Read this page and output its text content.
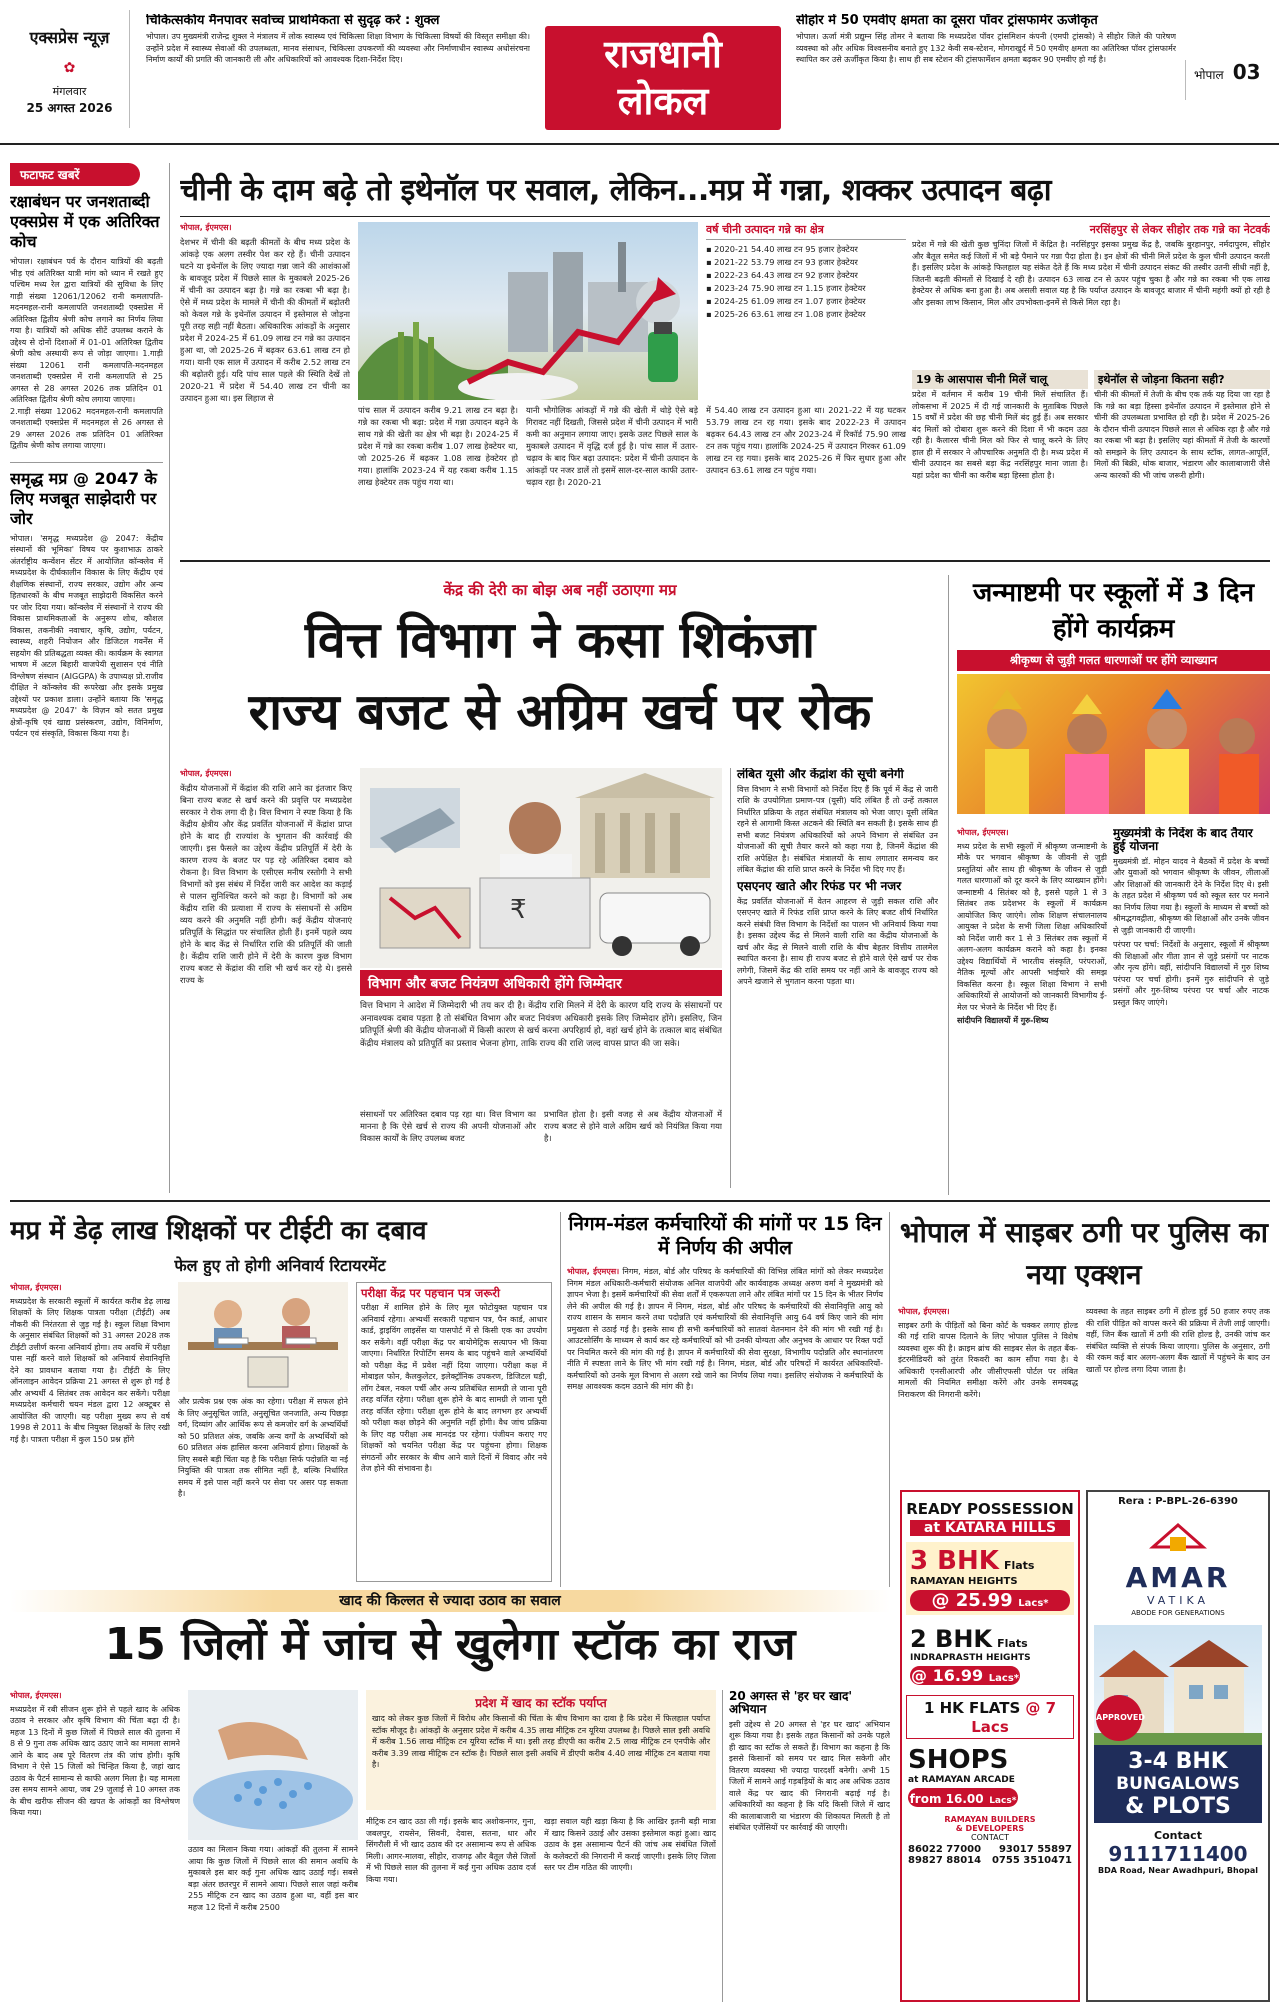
एक्सप्रेस न्यूज़
✿
मंगलवार
25 अगस्त 2026
चिकित्सकीय मैनपावर सर्वोच्च प्राथमिकता से सुदृढ़ करें : शुक्ल
भोपाल। उप मुख्यमंत्री राजेन्द्र शुक्ल ने मंत्रालय में लोक स्वास्थ्य एवं चिकित्सा शिक्षा विभाग के चिकित्सा विषयों की विस्तृत समीक्षा की। उन्होंने प्रदेश में स्वास्थ्य सेवाओं की उपलब्धता, मानव संसाधन, चिकित्सा उपकरणों की व्यवस्था और निर्माणाधीन स्वास्थ्य अधोसंरचना निर्माण कार्यों की प्रगति की जानकारी ली और अधिकारियों को आवश्यक दिशा-निर्देश दिए।	राजधानी
लोकल
सीहोर में 50 एमवीए क्षमता का दूसरा पॉवर ट्रांसफार्मर ऊर्जीकृत
भोपाल। ऊर्जा मंत्री प्रद्युम्न सिंह तोमर ने बताया कि मध्यप्रदेश पॉवर ट्रांसमिशन कंपनी (एमपी ट्रांसको) ने सीहोर जिले की पारेषण व्यवस्था को और अधिक विश्वसनीय बनाते हुए 132 केवी सब-स्टेशन, मोगराखुर्द में 50 एमवीए क्षमता का अतिरिक्त पॉवर ट्रांसफार्मर स्थापित कर उसे ऊर्जीकृत किया है। साथ ही सब स्टेशन की ट्रांसफार्मेशन क्षमता बढ़कर 90 एमवीए हो गई है।
भोपाल 03
फटाफट खबरें
रक्षाबंधन पर जनशताब्दी एक्सप्रेस में एक अतिरिक्त कोच
भोपाल। रक्षाबंधन पर्व के दौरान यात्रियों की बढ़ती भीड़ एवं अतिरिक्त यात्री मांग को ध्यान में रखते हुए पश्चिम मध्य रेल द्वारा यात्रियों की सुविधा के लिए गाड़ी संख्या 12061/12062 रानी कमलापति-मदनमहल-रानी कमलापति जनशताब्दी एक्सप्रेस में अतिरिक्त द्वितीय श्रेणी कोच लगाने का निर्णय लिया गया है। यात्रियों को अधिक सीटें उपलब्ध कराने के उद्देश्य से दोनों दिशाओं में 01-01 अतिरिक्त द्वितीय श्रेणी कोच अस्थायी रूप से जोड़ा जाएगा। 1.गाड़ी संख्या 12061 रानी कमलापति-मदनमहल जनशताब्दी एक्सप्रेस में रानी कमलापति से 25 अगस्त से 28 अगस्त 2026 तक प्रतिदिन 01 अतिरिक्त द्वितीय श्रेणी कोच लगाया जाएगा।
2.गाड़ी संख्या 12062 मदनमहल-रानी कमलापति जनशताब्दी एक्सप्रेस में मदनमहल से 26 अगस्त से 29 अगस्त 2026 तक प्रतिदिन 01 अतिरिक्त द्वितीय श्रेणी कोच लगाया जाएगा।
समृद्ध मप्र @ 2047 के लिए मजबूत साझेदारी पर जोर
भोपाल। 'समृद्ध मध्यप्रदेश @ 2047: केंद्रीय संस्थानों की भूमिका' विषय पर कुशाभाऊ ठाकरे अंतर्राष्ट्रीय कन्वेंशन सेंटर में आयोजित कॉन्क्लेव में मध्यप्रदेश के दीर्घकालीन विकास के लिए केंद्रीय एवं शैक्षणिक संस्थानों, राज्य सरकार, उद्योग और अन्य हितधारकों के बीच मजबूत साझेदारी विकसित करने पर जोर दिया गया। कॉन्क्लेव में संस्थानों ने राज्य की विकास प्राथमिकताओं के अनुरूप शोध, कौशल विकास, तकनीकी नवाचार, कृषि, उद्योग, पर्यटन, स्वास्थ्य, शहरी नियोजन और डिजिटल गवर्नेंस में सहयोग की प्रतिबद्धता व्यक्त की। कार्यक्रम के स्वागत भाषण में अटल बिहारी वाजपेयी सुशासन एवं नीति विश्लेषण संस्थान (AIGGPA) के उपाध्यक्ष प्रो.राजीव दीक्षित ने कॉन्क्लेव की रूपरेखा और इसके प्रमुख उद्देश्यों पर प्रकाश डाला। उन्होंने बताया कि 'समृद्ध मध्यप्रदेश @ 2047' के विज़न को सतत प्रमुख क्षेत्रों-कृषि एवं खाद्य प्रसंस्करण, उद्योग, विनिर्माण, पर्यटन एवं संस्कृति, विकास किया गया है।
चीनी के दाम बढ़े तो इथेनॉल पर सवाल, लेकिन...मप्र में गन्ना, शक्कर उत्पादन बढ़ा
भोपाल, ईएमएस।
देशभर में चीनी की बढ़ती कीमतों के बीच मध्य प्रदेश के आंकड़े एक अलग तस्वीर पेश कर रहे हैं। चीनी उत्पादन घटने या इथेनॉल के लिए ज्यादा गन्ना जाने की आशंकाओं के बावजूद प्रदेश में पिछले साल के मुकाबले 2025-26 में चीनी का उत्पादन बढ़ा है। गन्ने का रकबा भी बढ़ा है। ऐसे में मध्य प्रदेश के मामले में चीनी की कीमतों में बढ़ोतरी को केवल गन्ने के इथेनॉल उत्पादन में इस्तेमाल से जोड़ना पूरी तरह सही नहीं बैठता। अधिकारिक आंकड़ों के अनुसार प्रदेश में 2024-25 में 61.09 लाख टन गन्ने का उत्पादन हुआ था, जो 2025-26 में बढ़कर 63.61 लाख टन हो गया। यानी एक साल में उत्पादन में करीब 2.52 लाख टन की बढ़ोतरी हुई। यदि पांच साल पहले की स्थिति देखें तो 2020-21 में प्रदेश में 54.40 लाख टन चीनी का उत्पादन हुआ था। इस लिहाज से
पांच साल में उत्पादन करीब 9.21 लाख टन बढ़ा है। गन्ने का रकबा भी बढ़ा: प्रदेश में गन्ना उत्पादन बढ़ने के साथ गन्ने की खेती का क्षेत्र भी बढ़ा है। 2024-25 में प्रदेश में गन्ने का रकबा करीब 1.07 लाख हेक्टेयर था, जो 2025-26 में बढ़कर 1.08 लाख हेक्टेयर हो गया। हालांकि 2023-24 में यह रकबा करीब 1.15 लाख हेक्टेयर तक पहुंच गया था।
यानी भौगोलिक आंकड़ों में गन्ने की खेती में थोड़े ऐसे बड़े गिरावट नहीं दिखती, जिससे प्रदेश में चीनी उत्पादन में भारी कमी का अनुमान लगाया जाए। इसके उलट पिछले साल के मुकाबले उत्पादन में वृद्धि दर्ज हुई है। पांच साल में उतार-चढ़ाव के बाद फिर बढ़ा उत्पादन: प्रदेश में चीनी उत्पादन के आंकड़ों पर नजर डालें तो इसमें साल-दर-साल काफी उतार-चढ़ाव रहा है। 2020-21
वर्ष चीनी उत्पादन गन्ने का क्षेत्र
▪ 2020-21 54.40 लाख टन 95 हजार हेक्टेयर
▪ 2021-22 53.79 लाख टन 93 हजार हेक्टेयर
▪ 2022-23 64.43 लाख टन 92 हजार हेक्टेयर
▪ 2023-24 75.90 लाख टन 1.15 हजार हेक्टेयर
▪ 2024-25 61.09 लाख टन 1.07 हजार हेक्टेयर
▪ 2025-26 63.61 लाख टन 1.08 हजार हेक्टेयर
में 54.40 लाख टन उत्पादन हुआ था। 2021-22 में यह घटकर 53.79 लाख टन रह गया। इसके बाद 2022-23 में उत्पादन बढ़कर 64.43 लाख टन और 2023-24 में रिकॉर्ड 75.90 लाख टन तक पहुंच गया। हालांकि 2024-25 में उत्पादन गिरकर 61.09 लाख टन रह गया। इसके बाद 2025-26 में फिर सुधार हुआ और उत्पादन 63.61 लाख टन पहुंच गया।
नरसिंहपुर से लेकर सीहोर तक गन्ने का नेटवर्क
प्रदेश में गन्ने की खेती कुछ चुनिंदा जिलों में केंद्रित है। नरसिंहपुर इसका प्रमुख केंद्र है, जबकि बुरहानपुर, नर्मदापुरम, सीहोर और बैतूल समेत कई जिलों में भी बड़े पैमाने पर गन्ना पैदा होता है। इन क्षेत्रों की चीनी मिलें प्रदेश के कुल चीनी उत्पादन करती हैं। इसलिए प्रदेश के आंकड़े फिलहाल यह संकेत देते हैं कि मध्य प्रदेश में चीनी उत्पादन संकट की तस्वीर उतनी सीधी नहीं है, जितनी बढ़ती कीमतों से दिखाई दे रही है। उत्पादन 63 लाख टन से ऊपर पहुंच चुका है और गन्ने का रकबा भी एक लाख हेक्टेयर से अधिक बना हुआ है। अब असली सवाल यह है कि पर्याप्त उत्पादन के बावजूद बाजार में चीनी महंगी क्यों हो रही है और इसका लाभ किसान, मिल और उपभोक्ता-इनमें से किसे मिल रहा है।
19 के आसपास चीनी मिलें चालू
प्रदेश में वर्तमान में करीब 19 चीनी मिलें संचालित हैं। लोकसभा में 2025 में दी गई जानकारी के मुताबिक पिछले 15 वर्षों में प्रदेश की छह चीनी मिलें बंद हुई हैं। अब सरकार बंद मिलों को दोबारा शुरू करने की दिशा में भी कदम उठा रही है। कैलारस चीनी मिल को फिर से चालू करने के लिए हाल ही में सरकार ने औपचारिक अनुमति दी है। मध्य प्रदेश में चीनी उत्पादन का सबसे बड़ा केंद्र नरसिंहपुर माना जाता है। यहां प्रदेश का चीनी का करीब बड़ा हिस्सा होता है।
इथेनॉल से जोड़ना कितना सही?
चीनी की कीमतों में तेजी के बीच एक तर्क यह दिया जा रहा है कि गन्ने का बड़ा हिस्सा इथेनॉल उत्पादन में इस्तेमाल होने से चीनी की उपलब्धता प्रभावित हो रही है। प्रदेश में 2025-26 के दौरान चीनी उत्पादन पिछले साल से अधिक रहा है और गन्ने का रकबा भी बढ़ा है। इसलिए यहां कीमतों में तेजी के कारणों को समझने के लिए उत्पादन के साथ स्टॉक, लागत-आपूर्ति, मिलों की बिक्री, थोक बाजार, भंडारण और कालाबाजारी जैसे अन्य कारकों की भी जांच जरूरी होगी।
केंद्र की देरी का बोझ अब नहीं उठाएगा मप्र
वित्त विभाग ने कसा शिकंजा
राज्य बजट से अग्रिम खर्च पर रोक
भोपाल, ईएमएस।
केंद्रीय योजनाओं में केंद्रांश की राशि आने का इंतजार किए बिना राज्य बजट से खर्च करने की प्रवृत्ति पर मध्यप्रदेश सरकार ने रोक लगा दी है। वित्त विभाग ने स्पष्ट किया है कि केंद्रीय क्षेत्रीय और केंद्र प्रवर्तित योजनाओं में केंद्रांश प्राप्त होने के बाद ही राज्यांश के भुगतान की कार्रवाई की जाएगी। इस फैसले का उद्देश्य केंद्रीय प्रतिपूर्ति में देरी के कारण राज्य के बजट पर पड़ रहे अतिरिक्त दबाव को रोकना है। वित्त विभाग के एसीएस मनीष रस्तोगी ने सभी विभागों को इस संबंध में निर्देश जारी कर आदेश का कड़ाई से पालन सुनिश्चित करने को कहा है। विभागों को अब केंद्रीय राशि की प्रत्याशा में राज्य के संसाधनों से अग्रिम व्यय करने की अनुमति नहीं होगी। कई केंद्रीय योजनाएं प्रतिपूर्ति के सिद्धांत पर संचालित होती हैं। इनमें पहले व्यय होने के बाद केंद्र से निर्धारित राशि की प्रतिपूर्ति की जाती है। केंद्रीय राशि जारी होने में देरी के कारण कुछ विभाग राज्य बजट से केंद्रांश की राशि भी खर्च कर रहे थे। इससे राज्य के
₹
विभाग और बजट नियंत्रण अधिकारी होंगे जिम्मेदार
वित्त विभाग ने आदेश में जिम्मेदारी भी तय कर दी है। केंद्रीय राशि मिलने में देरी के कारण यदि राज्य के संसाधनों पर अनावश्यक दबाव पड़ता है तो संबंधित विभाग और बजट नियंत्रण अधिकारी इसके लिए जिम्मेदार होंगे। इसलिए, जिन प्रतिपूर्ति श्रेणी की केंद्रीय योजनाओं में किसी कारण से खर्च करना अपरिहार्य हो, वहां खर्च होने के तत्काल बाद संबंधित केंद्रीय मंत्रालय को प्रतिपूर्ति का प्रस्ताव भेजना होगा, ताकि राज्य की राशि जल्द वापस प्राप्त की जा सके।
संसाधनों पर अतिरिक्त दबाव पड़ रहा था। वित्त विभाग का मानना है कि ऐसे खर्च से राज्य की अपनी योजनाओं और विकास कार्यों के लिए उपलब्ध बजट
प्रभावित होता है। इसी वजह से अब केंद्रीय योजनाओं में राज्य बजट से होने वाले अग्रिम खर्च को नियंत्रित किया गया है।
लंबित यूसी और केंद्रांश की सूची बनेगी
वित्त विभाग ने सभी विभागों को निर्देश दिए हैं कि पूर्व में केंद्र से जारी राशि के उपयोगिता प्रमाण-पत्र (यूसी) यदि लंबित हैं तो उन्हें तत्काल निर्धारित प्रक्रिया के तहत संबंधित मंत्रालय को भेजा जाए। यूसी लंबित रहने से आगामी किस्त अटकने की स्थिति बन सकती है। इसके साथ ही सभी बजट नियंत्रण अधिकारियों को अपने विभाग से संबंधित उन योजनाओं की सूची तैयार करने को कहा गया है, जिनमें केंद्रांश की राशि अपेक्षित है। संबंधित मंत्रालयों के साथ लगातार समन्वय कर लंबित केंद्रांश की राशि प्राप्त करने के निर्देश भी दिए गए हैं।
एसएनए खाते और रिफंड पर भी नजर
केंद्र प्रवर्तित योजनाओं में वेतन आहरण से जुड़ी सकल राशि और एसएनए खाते में रिफंड राशि प्राप्त करने के लिए बजट शीर्ष निर्धारित करने संबंधी वित्त विभाग के निर्देशों का पालन भी अनिवार्य किया गया है। इसका उद्देश्य केंद्र से मिलने वाली राशि का केंद्रीय योजनाओं के खर्च और केंद्र से मिलने वाली राशि के बीच बेहतर वित्तीय तालमेल स्थापित करना है। साथ ही राज्य बजट से होने वाले ऐसे खर्च पर रोक लगेगी, जिसमें केंद्र की राशि समय पर नहीं आने के बावजूद राज्य को अपने खजाने से भुगतान करना पड़ता था।
जन्माष्टमी पर स्कूलों में 3 दिन होंगे कार्यक्रम
श्रीकृष्ण से जुड़ी गलत धारणाओं पर होंगे व्याख्यान
भोपाल, ईएमएस।
मध्य प्रदेश के सभी स्कूलों में श्रीकृष्ण जन्माष्टमी के मौके पर भगवान श्रीकृष्ण के जीवनी से जुड़ी प्रस्तुतियां और साथ ही श्रीकृष्ण के जीवन से जुड़ी गलत धारणाओं को दूर करने के लिए व्याख्यान होंगे। जन्माष्टमी 4 सितंबर को है, इससे पहले 1 से 3 सितंबर तक प्रदेशभर के स्कूलों में कार्यक्रम आयोजित किए जाएंगे। लोक शिक्षण संचालनालय आयुक्त ने प्रदेश के सभी जिला शिक्षा अधिकारियों को निर्देश जारी कर 1 से 3 सितंबर तक स्कूलों में अलग-अलग कार्यक्रम कराने को कहा है। इनका उद्देश्य विद्यार्थियों में भारतीय संस्कृति, परंपराओं, नैतिक मूल्यों और आपसी भाईचारे की समझ विकसित करना है। स्कूल शिक्षा विभाग ने सभी अधिकारियों से आयोजनों को जानकारी विभागीय ई-मेल पर भेजने के निर्देश भी दिए हैं।
सांदीपनि विद्यालयों में गुरु-शिष्य
मुख्यमंत्री के निर्देश के बाद तैयार हुई योजना
मुख्यमंत्री डॉ. मोहन यादव ने बैठकों में प्रदेश के बच्चों और युवाओं को भगवान श्रीकृष्ण के जीवन, लीलाओं और शिक्षाओं की जानकारी देने के निर्देश दिए थे। इसी के तहत प्रदेश में श्रीकृष्ण पर्व को स्कूल स्तर पर मनाने का निर्णय लिया गया है। स्कूलों के माध्यम से बच्चों को श्रीमद्भगवद्गीता, श्रीकृष्ण की शिक्षाओं और उनके जीवन से जुड़ी जानकारी दी जाएगी।
परंपरा पर चर्चा: निर्देशों के अनुसार, स्कूलों में श्रीकृष्ण की शिक्षाओं और गीता ज्ञान से जुड़े प्रसंगों पर नाटक और नृत्य होंगे। वहीं, सांदीपनि विद्यालयों में गुरु शिष्य परंपरा पर चर्चा होगी। इनमें गुरु सांदीपनि से जुड़े प्रसंगों और गुरु-शिष्य परंपरा पर चर्चा और नाटक प्रस्तुत किए जाएंगे।
मप्र में डेढ़ लाख शिक्षकों पर टीईटी का दबाव
फेल हुए तो होगी अनिवार्य रिटायरमेंट
भोपाल, ईएमएस।
मध्यप्रदेश के सरकारी स्कूलों में कार्यरत करीब डेढ़ लाख शिक्षकों के लिए शिक्षक पात्रता परीक्षा (टीईटी) अब नौकरी की निरंतरता से जुड़ गई है। स्कूल शिक्षा विभाग के अनुसार संबंधित शिक्षकों को 31 अगस्त 2028 तक टीईटी उत्तीर्ण करना अनिवार्य होगा। तय अवधि में परीक्षा पास नहीं करने वाले शिक्षकों को अनिवार्य सेवानिवृत्ति देने का प्रावधान बताया गया है। टीईटी के लिए ऑनलाइन आवेदन प्रक्रिया 21 अगस्त से शुरू हो गई है और अभ्यर्थी 4 सितंबर तक आवेदन कर सकेंगे। परीक्षा मध्यप्रदेश कर्मचारी चयन मंडल द्वारा 12 अक्टूबर से आयोजित की जाएगी। यह परीक्षा मुख्य रूप से वर्ष 1998 से 2011 के बीच नियुक्त शिक्षकों के लिए रखी गई है। पात्रता परीक्षा में कुल 150 प्रश्न होंगे
और प्रत्येक प्रश्न एक अंक का रहेगा। परीक्षा में सफल होने के लिए अनुसूचित जाति, अनुसूचित जनजाति, अन्य पिछड़ा वर्ग, दिव्यांग और आर्थिक रूप से कमजोर वर्ग के अभ्यर्थियों को 50 प्रतिशत अंक, जबकि अन्य वर्गों के अभ्यर्थियों को 60 प्रतिशत अंक हासिल करना अनिवार्य होगा। शिक्षकों के लिए सबसे बड़ी चिंता यह है कि परीक्षा सिर्फ पदोन्नति या नई नियुक्ति की पात्रता तक सीमित नहीं है, बल्कि निर्धारित समय में इसे पास नहीं करने पर सेवा पर असर पड़ सकता है।
परीक्षा केंद्र पर पहचान पत्र जरूरी
परीक्षा में शामिल होने के लिए मूल फोटोयुक्त पहचान पत्र अनिवार्य रहेगा। अभ्यर्थी सरकारी पहचान पत्र, पैन कार्ड, आधार कार्ड, ड्राइविंग लाइसेंस या पासपोर्ट में से किसी एक का उपयोग कर सकेंगे। वहीं परीक्षा केंद्र पर बायोमेट्रिक सत्यापन भी किया जाएगा। निर्धारित रिपोर्टिंग समय के बाद पहुंचने वाले अभ्यर्थियों को परीक्षा केंद्र में प्रवेश नहीं दिया जाएगा। परीक्षा कक्ष में मोबाइल फोन, कैलकुलेटर, इलेक्ट्रॉनिक उपकरण, डिजिटल घड़ी, लॉग टेबल, नकल पर्ची और अन्य प्रतिबंधित सामग्री ले जाना पूरी तरह वर्जित रहेगा। परीक्षा शुरू होने के बाद सामग्री ले जाना पूरी तरह वर्जित रहेगा। परीक्षा शुरू होने के बाद लगभग हर अभ्यर्थी को परीक्षा कक्ष छोड़ने की अनुमति नहीं होगी। वैध जांच प्रक्रिया के लिए वह परीक्षा अब मानदंड पर रहेगा। पंजीयन कराए गए शिक्षकों को चयनित परीक्षा केंद्र पर पहुंचना होगा। शिक्षक संगठनों और सरकार के बीच आने वाले दिनों में विवाद और नये तेज होने की संभावना है।
निगम-मंडल कर्मचारियों की मांगों पर 15 दिन में निर्णय की अपील
भोपाल, ईएमएस। निगम, मंडल, बोर्ड और परिषद के कर्मचारियों की विभिन्न लंबित मांगों को लेकर मध्यप्रदेश निगम मंडल अधिकारी-कर्मचारी संयोजक अनिल वाजपेयी और कार्यवाहक अध्यक्ष अरुण वर्मा ने मुख्यमंत्री को ज्ञापन भेजा है। इसमें कर्मचारियों की सेवा शर्तों में एकरूपता लाने और लंबित मांगों पर 15 दिन के भीतर निर्णय लेने की अपील की गई है। ज्ञापन में निगम, मंडल, बोर्ड और परिषद के कर्मचारियों की सेवानिवृत्ति आयु को राज्य शासन के समान करने तथा पदोन्नति एवं कर्मचारियों की सेवानिवृत्ति आयु 64 वर्ष किए जाने की मांग प्रमुखता से उठाई गई है। इसके साथ ही सभी कर्मचारियों को सातवां वेतनमान देने की मांग भी रखी गई है। आउटसोर्सिंग के माध्यम से कार्य कर रहे कर्मचारियों को भी उनकी योग्यता और अनुभव के आधार पर रिक्त पदों पर नियमित करने की मांग की गई है। ज्ञापन में कर्मचारियों की सेवा सुरक्षा, विभागीय पदोन्नति और स्थानांतरण नीति में स्पष्टता लाने के लिए भी मांग रखी गई है। निगम, मंडल, बोर्ड और परिषदों में कार्यरत अधिकारियों-कर्मचारियों को उनके मूल विभाग से अलग रखे जाने का निर्णय लिया गया। इसलिए संयोजक ने कर्मचारियों के समक्ष आवश्यक कदम उठाने की मांग की है।
भोपाल में साइबर ठगी पर पुलिस का नया एक्शन
भोपाल, ईएमएस।
साइबर ठगी के पीड़ितों को बिना कोर्ट के चक्कर लगाए होल्ड की गई राशि वापस दिलाने के लिए भोपाल पुलिस ने विशेष व्यवस्था शुरू की है। क्राइम ब्रांच की साइबर सेल के तहत बैंक-इंटरमीडियरी को तुरंत रिकवरी का काम सौंपा गया है। ये अधिकारी एनसीआरपी और जीसीएफसी पोर्टल पर लंबित मामलों की नियमित समीक्षा करेंगे और उनके समयबद्ध निराकरण की निगरानी करेंगे।
व्यवस्था के तहत साइबर ठगी में होल्ड हुई 50 हजार रुपए तक की राशि पीड़ित को वापस करने की प्रक्रिया में तेजी लाई जाएगी। वहीं, जिन बैंक खातों में ठगी की राशि होल्ड है, उनकी जांच कर संबंधित व्यक्ति से संपर्क किया जाएगा। पुलिस के अनुसार, ठगी की रकम कई बार अलग-अलग बैंक खातों में पहुंचने के बाद उन खातों पर होल्ड लगा दिया जाता है।
खाद की किल्लत से ज्यादा उठाव का सवाल
15 जिलों में जांच से खुलेगा स्टॉक का राज
भोपाल, ईएमएस।
मध्यप्रदेश में रबी सीजन शुरू होने से पहले खाद के अधिक उठाव ने सरकार और कृषि विभाग की चिंता बढ़ा दी है। महज 13 दिनों में कुछ जिलों में पिछले साल की तुलना में 8 से 9 गुना तक अधिक खाद उठाए जाने का मामला सामने आने के बाद अब पूरे वितरण तंत्र की जांच होगी। कृषि विभाग ने ऐसे 15 जिलों को चिन्हित किया है, जहां खाद उठाव के पैटर्न सामान्य से काफी अलग मिला है। यह मामला उस समय सामने आया, जब 29 जुलाई से 10 अगस्त तक के बीच खरीफ सीजन की खपत के आंकड़ों का विश्लेषण किया गया।
उठाव का मिलान किया गया। आंकड़ों की तुलना में सामने आया कि कुछ जिलों में पिछले साल की समान अवधि के मुकाबले इस बार कई गुना अधिक खाद उठाई गई। सबसे बड़ा अंतर छतरपुर में सामने आया। पिछले साल जहां करीब 255 मीट्रिक टन खाद का उठाव हुआ था, वहीं इस बार महज 12 दिनों में करीब 2500
प्रदेश में खाद का स्टॉक पर्याप्त
खाद को लेकर कुछ जिलों में विरोध और किसानों की चिंता के बीच विभाग का दावा है कि प्रदेश में फिलहाल पर्याप्त स्टॉक मौजूद है। आंकड़ों के अनुसार प्रदेश में करीब 4.35 लाख मीट्रिक टन यूरिया उपलब्ध है। पिछले साल इसी अवधि में करीब 1.56 लाख मीट्रिक टन यूरिया स्टॉक में था। इसी तरह डीएपी का करीब 2.5 लाख मीट्रिक टन एनपीके और करीब 3.39 लाख मीट्रिक टन स्टॉक है। पिछले साल इसी अवधि में डीएपी करीब 4.40 लाख मीट्रिक टन बताया गया है।
मीट्रिक टन खाद उठा ली गई। इसके बाद अशोकनगर, गुना, जबलपुर, रायसेन, सिवनी, देवास, सतना, धार और सिंगरौली में भी खाद उठाव की दर असामान्य रूप से अधिक मिली। आगर-मालवा, सीहोर, राजगढ़ और बैतूल जैसे जिलों में भी पिछले साल की तुलना में कई गुना अधिक उठाव दर्ज किया गया।
खड़ा सवाल यही खड़ा किया है कि आखिर इतनी बड़ी मात्रा में खाद किसने उठाई और उसका इस्तेमाल कहां हुआ। खाद उठाव के इस असामान्य पैटर्न की जांच अब संबंधित जिलों के कलेक्टरों की निगरानी में कराई जाएगी। इसके लिए जिला स्तर पर टीम गठित की जाएगी।
20 अगस्त से 'हर घर खाद' अभियान
इसी उद्देश्य से 20 अगस्त से 'हर घर खाद' अभियान शुरू किया गया है। इसके तहत किसानों को उनके पहले ही खाद का स्टॉक ले सकते हैं। विभाग का कहना है कि इससे किसानों को समय पर खाद मिल सकेगी और वितरण व्यवस्था भी ज्यादा पारदर्शी बनेगी। अभी 15 जिलों में सामने आई गड़बड़ियों के बाद अब अधिक उठाव वाले केंद्र पर खाद की निगरानी बढ़ाई गई है। अधिकारियों का कहना है कि यदि किसी जिले में खाद की कालाबाजारी या भंडारण की शिकायत मिलती है तो संबंधित एजेंसियों पर कार्रवाई की जाएगी।
READY POSSESSION
at KATARA HILLS
3 BHK Flats
RAMAYAN HEIGHTS
@ 25.99 Lacs*
2 BHK Flats
INDRAPRASTH HEIGHTS
@ 16.99 Lacs*
1 HK FLATS @ 7 Lacs
SHOPS
at RAMAYAN ARCADE
from 16.00 Lacs*
RAMAYAN BUILDERS
& DEVELOPERS
CONTACT
86022 77000 93017 55897
89827 88014 0755 3510471
Rera : P-BPL-26-6390
AMAR
VATIKA
ABODE FOR GENERATIONS
APPROVED
3-4 BHK
BUNGALOWS
& PLOTS
Contact
9111711400
BDA Road, Near Awadhpuri, Bhopal
